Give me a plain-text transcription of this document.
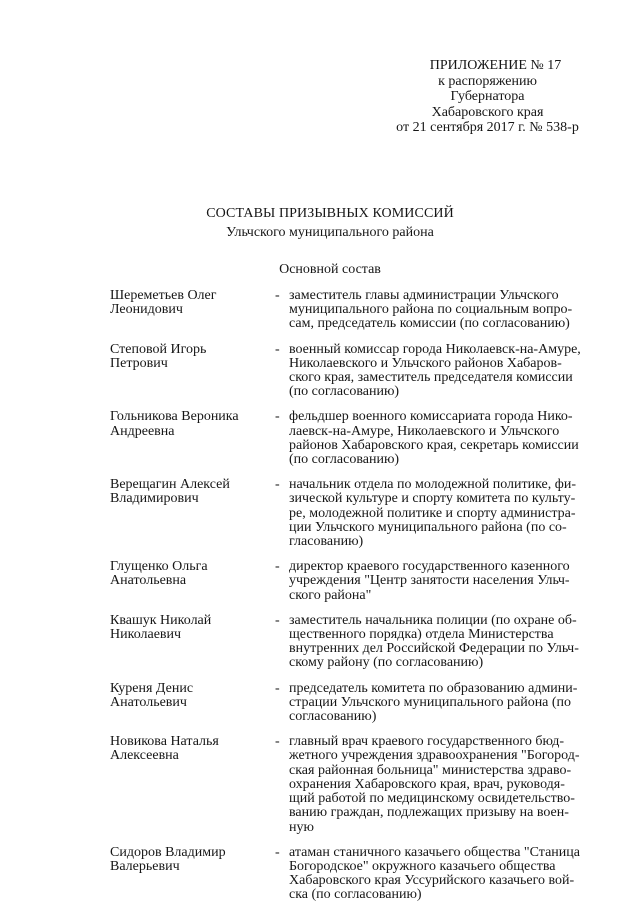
ПРИЛОЖЕНИЕ № 17
к распоряжению
Губернатора
Хабаровского края
от 21 сентября 2017 г. № 538-р
СОСТАВЫ ПРИЗЫВНЫХ КОМИССИЙ
Ульчского муниципального района
Основной состав
Шереметьев Олег
Леонидович
- заместитель главы администрации Ульчского
муниципального района по социальным вопро-
сам, председатель комиссии (по согласованию)
Степовой Игорь
Петрович
- военный комиссар города Николаевск-на-Амуре,
Николаевского и Ульчского районов Хабаров-
ского края, заместитель председателя комиссии
(по согласованию)
Гольникова Вероника
Андреевна
- фельдшер военного комиссариата города Нико-
лаевск-на-Амуре, Николаевского и Ульчского
районов Хабаровского края, секретарь комиссии
(по согласованию)
Верещагин Алексей
Владимирович
- начальник отдела по молодежной политике, фи-
зической культуре и спорту комитета по культу-
ре, молодежной политике и спорту администра-
ции Ульчского муниципального района (по со-
гласованию)
Глущенко Ольга
Анатольевна
- директор краевого государственного казенного
учреждения "Центр занятости населения Ульч-
ского района"
Квашук Николай
Николаевич
- заместитель начальника полиции (по охране об-
щественного порядка) отдела Министерства
внутренних дел Российской Федерации по Ульч-
скому району (по согласованию)
Куреня Денис
Анатольевич
- председатель комитета по образованию админи-
страции Ульчского муниципального района (по
согласованию)
Новикова Наталья
Алексеевна
- главный врач краевого государственного бюд-
жетного учреждения здравоохранения "Богород-
ская районная больница" министерства здраво-
охранения Хабаровского края, врач, руководя-
щий работой по медицинскому освидетельство-
ванию граждан, подлежащих призыву на воен-
ную
Сидоров Владимир
Валерьевич
- атаман станичного казачьего общества "Станица
Богородское" окружного казачьего общества
Хабаровского края Уссурийского казачьего вой-
ска (по согласованию)
